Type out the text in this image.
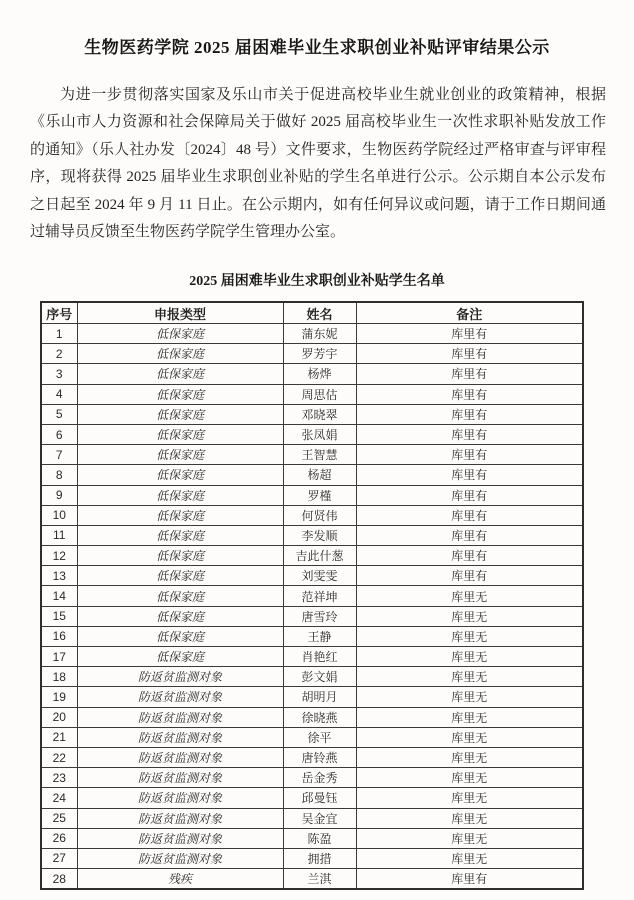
生物医药学院 2025 届困难毕业生求职创业补贴评审结果公示

为进一步贯彻落实国家及乐山市关于促进高校毕业生就业创业的政策精神，根据《乐山市人力资源和社会保障局关于做好 2025 届高校毕业生一次性求职补贴发放工作的通知》（乐人社办发〔2024〕48 号）文件要求，生物医药学院经过严格审查与评审程序，现将获得 2025 届毕业生求职创业补贴的学生名单进行公示。公示期自本公示发布之日起至 2024 年 9 月 11 日止。在公示期内，如有任何异议或问题，请于工作日期间通过辅导员反馈至生物医药学院学生管理办公室。

2025 届困难毕业生求职创业补贴学生名单
序号	申报类型	姓名	备注
1	低保家庭	蒲东妮	库里有
2	低保家庭	罗芳宇	库里有
3	低保家庭	杨烨	库里有
4	低保家庭	周思估	库里有
5	低保家庭	邓晓翠	库里有
6	低保家庭	张凤娟	库里有
7	低保家庭	王智慧	库里有
8	低保家庭	杨超	库里有
9	低保家庭	罗槿	库里有
10	低保家庭	何贤伟	库里有
11	低保家庭	李发顺	库里有
12	低保家庭	吉此什葱	库里有
13	低保家庭	刘雯雯	库里有
14	低保家庭	范祥坤	库里无
15	低保家庭	唐雪玲	库里无
16	低保家庭	王静	库里无
17	低保家庭	肖艳红	库里无
18	防返贫监测对象	彭文娟	库里无
19	防返贫监测对象	胡明月	库里无
20	防返贫监测对象	徐晓燕	库里无
21	防返贫监测对象	徐平	库里无
22	防返贫监测对象	唐铃燕	库里无
23	防返贫监测对象	岳金秀	库里无
24	防返贫监测对象	邱曼钰	库里无
25	防返贫监测对象	吴金宜	库里无
26	防返贫监测对象	陈盈	库里无
27	防返贫监测对象	拥措	库里无
28	残疾	兰淇	库里有
